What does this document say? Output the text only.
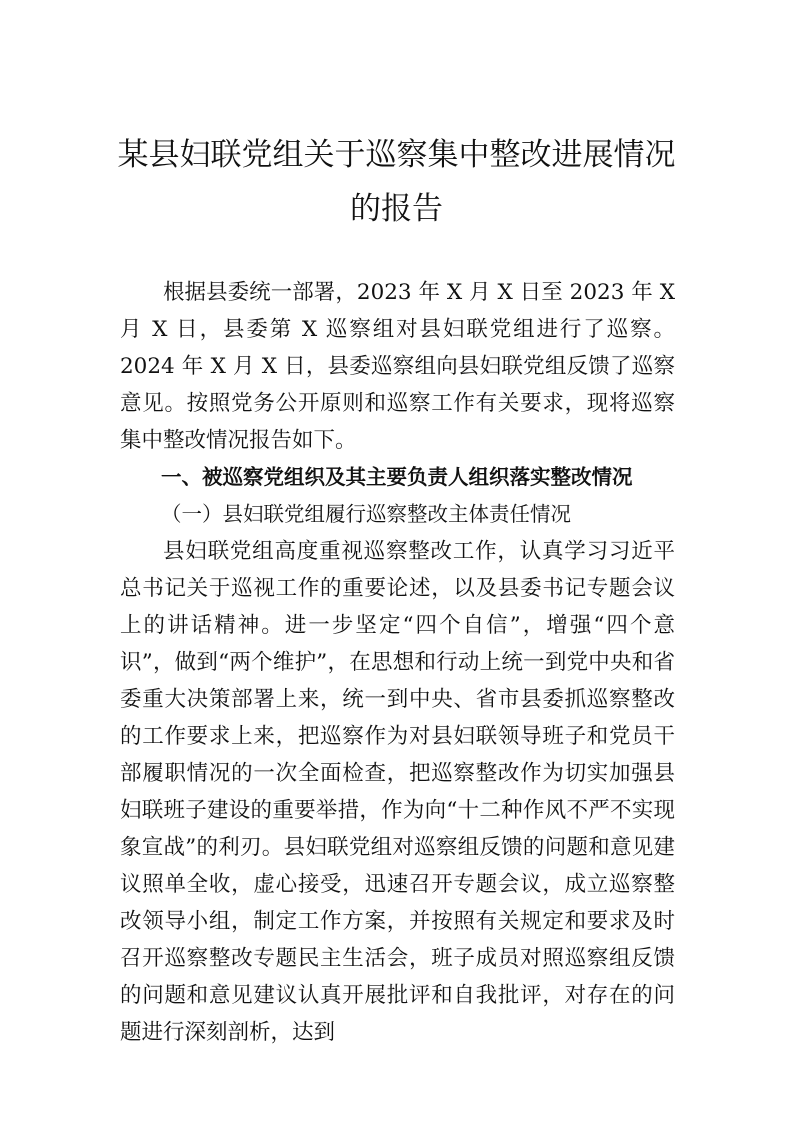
某县妇联党组关于巡察集中整改进展情况
的报告

根据县委统一部署，2023 年 X 月 X 日至 2023 年 X 月 X 日，县委第 X 巡察组对县妇联党组进行了巡察。2024 年 X 月 X 日，县委巡察组向县妇联党组反馈了巡察意见。按照党务公开原则和巡察工作有关要求，现将巡察集中整改情况报告如下。

一、被巡察党组织及其主要负责人组织落实整改情况

（一）县妇联党组履行巡察整改主体责任情况

县妇联党组高度重视巡察整改工作，认真学习习近平总书记关于巡视工作的重要论述，以及县委书记专题会议上的讲话精神。进一步坚定“四个自信”，增强“四个意识”，做到“两个维护”，在思想和行动上统一到党中央和省委重大决策部署上来，统一到中央、省市县委抓巡察整改的工作要求上来，把巡察作为对县妇联领导班子和党员干部履职情况的一次全面检查，把巡察整改作为切实加强县妇联班子建设的重要举措，作为向“十二种作风不严不实现象宣战”的利刃。县妇联党组对巡察组反馈的问题和意见建议照单全收，虚心接受，迅速召开专题会议，成立巡察整改领导小组，制定工作方案，并按照有关规定和要求及时召开巡察整改专题民主生活会，班子成员对照巡察组反馈的问题和意见建议认真开展批评和自我批评，对存在的问题进行深刻剖析，达到
